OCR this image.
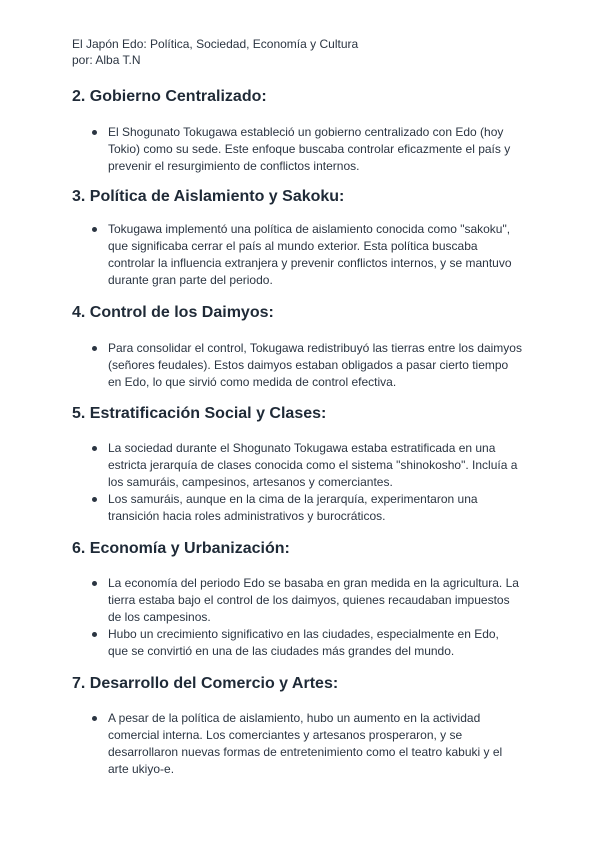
El Japón Edo: Política, Sociedad, Economía y Cultura
por: Alba T.N
2. Gobierno Centralizado:
El Shogunato Tokugawa estableció un gobierno centralizado con Edo (hoy Tokio) como su sede. Este enfoque buscaba controlar eficazmente el país y prevenir el resurgimiento de conflictos internos.
3. Política de Aislamiento y Sakoku:
Tokugawa implementó una política de aislamiento conocida como "sakoku", que significaba cerrar el país al mundo exterior. Esta política buscaba controlar la influencia extranjera y prevenir conflictos internos, y se mantuvo durante gran parte del periodo.
4. Control de los Daimyos:
Para consolidar el control, Tokugawa redistribuyó las tierras entre los daimyos (señores feudales). Estos daimyos estaban obligados a pasar cierto tiempo en Edo, lo que sirvió como medida de control efectiva.
5. Estratificación Social y Clases:
La sociedad durante el Shogunato Tokugawa estaba estratificada en una estricta jerarquía de clases conocida como el sistema "shinokosho". Incluía a los samuráis, campesinos, artesanos y comerciantes.
Los samuráis, aunque en la cima de la jerarquía, experimentaron una transición hacia roles administrativos y burocráticos.
6. Economía y Urbanización:
La economía del periodo Edo se basaba en gran medida en la agricultura. La tierra estaba bajo el control de los daimyos, quienes recaudaban impuestos de los campesinos.
Hubo un crecimiento significativo en las ciudades, especialmente en Edo, que se convirtió en una de las ciudades más grandes del mundo.
7. Desarrollo del Comercio y Artes:
A pesar de la política de aislamiento, hubo un aumento en la actividad comercial interna. Los comerciantes y artesanos prosperaron, y se desarrollaron nuevas formas de entretenimiento como el teatro kabuki y el arte ukiyo-e.
